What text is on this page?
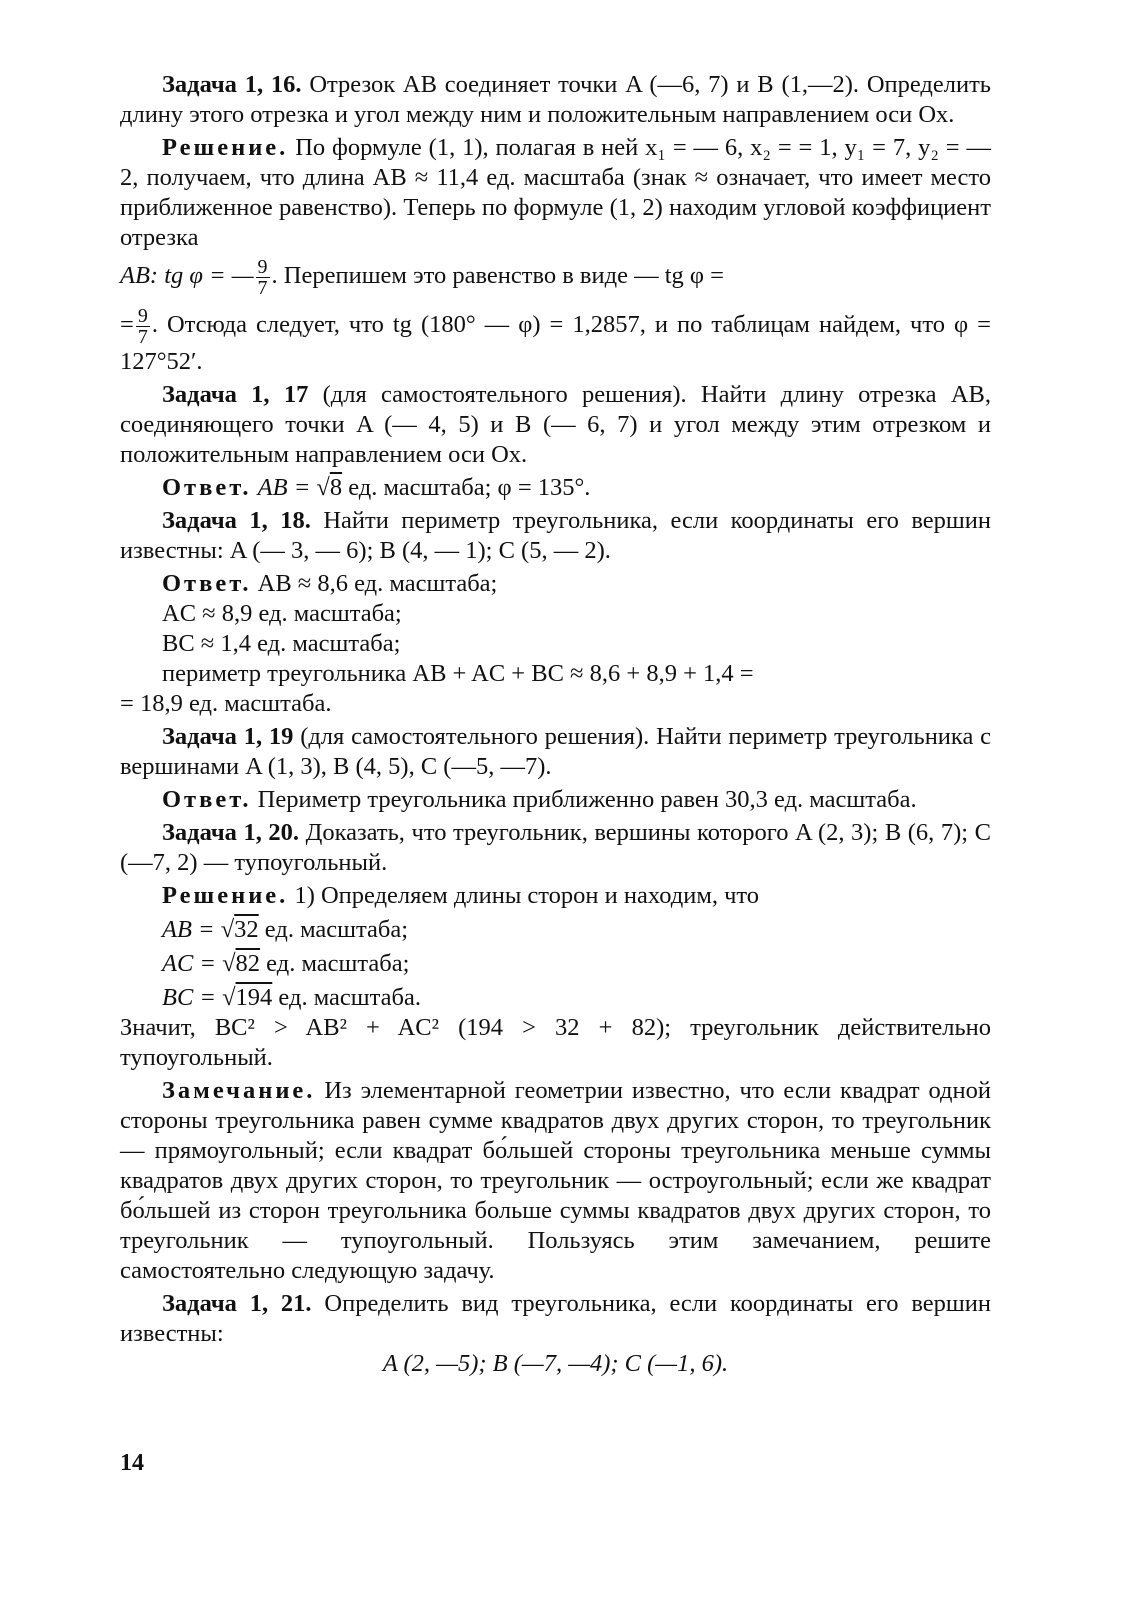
Задача 1, 16. Отрезок AB соединяет точки A (—6, 7) и B (1,—2). Определить длину этого отрезка и угол между ним и положительным направлением оси Ox.

Решение. По формуле (1, 1), полагая в ней x₁ = — 6, x₂ = = 1, y₁ = 7, y₂ = — 2, получаем, что длина AB ≈ 11,4 ед. масштаба (знак ≈ означает, что имеет место приближенное равенство). Теперь по формуле (1, 2) находим угловой коэффициент отрезка

AB: tg φ = — $\frac{9}{7}$ . Перепишем это равенство в виде — tg φ =

= $\frac{9}{7}$ . Отсюда следует, что tg (180° — φ) = 1,2857, и по таблицам найдем, что φ = 127°52′.

Задача 1, 17 (для самостоятельного решения). Найти длину отрезка AB, соединяющего точки A (— 4, 5) и B (— 6, 7) и угол между этим отрезком и положительным направлением оси Ox.

Ответ. AB = √8 ед. масштаба; φ = 135°.

Задача 1, 18. Найти периметр треугольника, если координаты его вершин известны: A (— 3, — 6); B (4, — 1); C (5, — 2).

Ответ. AB ≈ 8,6 ед. масштаба;

AC ≈ 8,9 ед. масштаба;

BC ≈ 1,4 ед. масштаба;

периметр треугольника AB + AC + BC ≈ 8,6 + 8,9 + 1,4 =

= 18,9 ед. масштаба.

Задача 1, 19 (для самостоятельного решения). Найти периметр треугольника с вершинами A (1, 3), B (4, 5), C (—5, —7).

Ответ. Периметр треугольника приближенно равен 30,3 ед. масштаба.

Задача 1, 20. Доказать, что треугольник, вершины которого A (2, 3); B (6, 7); C (—7, 2) — тупоугольный.

Решение. 1) Определяем длины сторон и находим, что

AB = √32 ед. масштаба;

AC = √82 ед. масштаба;

BC = √194 ед. масштаба.

Значит, BC² > AB² + AC² (194 > 32 + 82); треугольник действительно тупоугольный.

Замечание. Из элементарной геометрии известно, что если квадрат одной стороны треугольника равен сумме квадратов двух других сторон, то треугольник — прямоугольный; если квадрат бо́льшей стороны треугольника меньше суммы квадратов двух других сторон, то треугольник — остроугольный; если же квадрат бо́льшей из сторон треугольника больше суммы квадратов двух других сторон, то треугольник — тупоугольный. Пользуясь этим замечанием, решите самостоятельно следующую задачу.

Задача 1, 21. Определить вид треугольника, если координаты его вершин известны:

A (2, —5); B (—7, —4); C (—1, 6).

14
